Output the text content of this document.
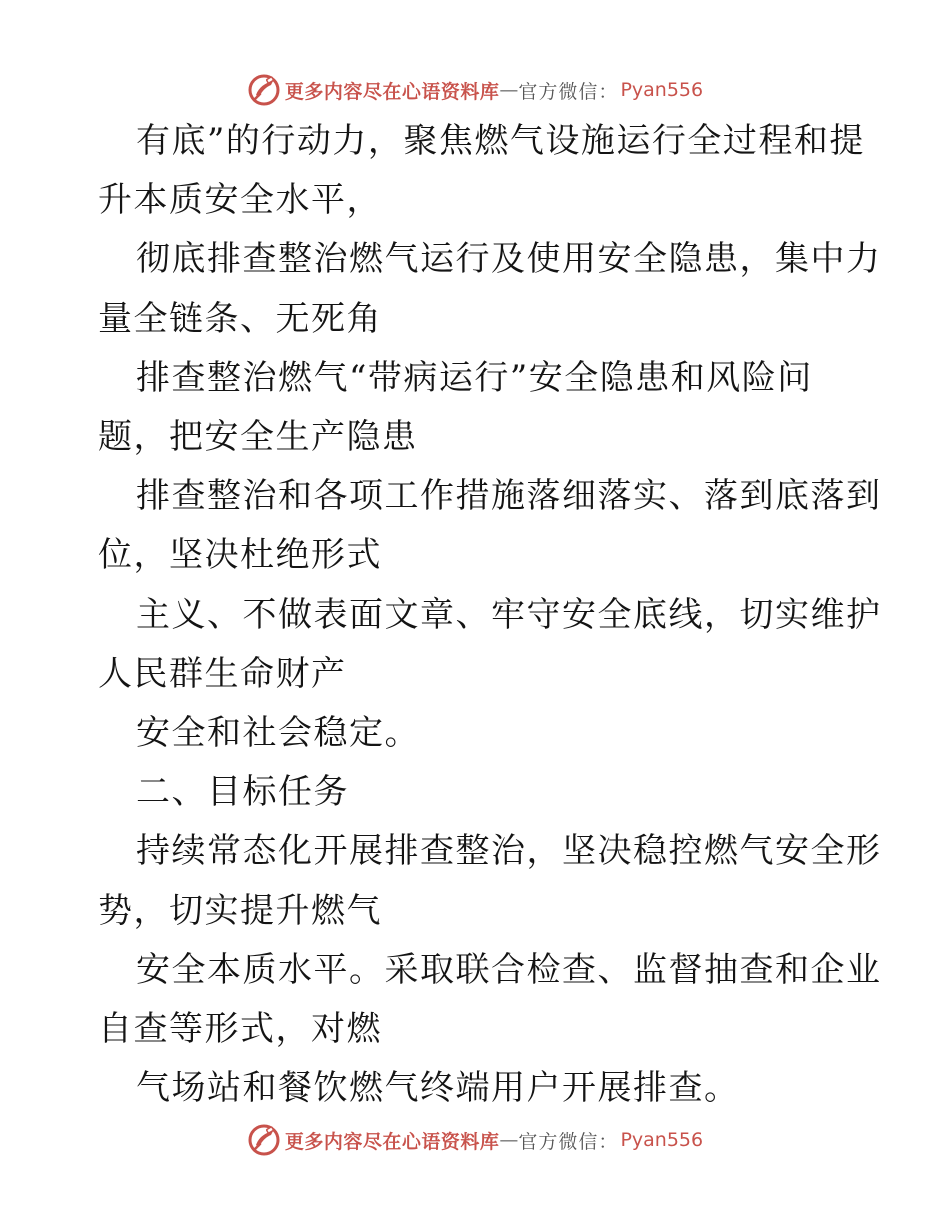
更多内容尽在心语资料库 — 官方微信： Pyan556

有底”的行动力，聚焦燃气设施运行全过程和提

升本质安全水平，

彻底排查整治燃气运行及使用安全隐患，集中力

量全链条、无死角

排查整治燃气“带病运行”安全隐患和风险问

题，把安全生产隐患

排查整治和各项工作措施落细落实、落到底落到

位，坚决杜绝形式

主义、不做表面文章、牢守安全底线，切实维护

人民群生命财产

安全和社会稳定。

二、目标任务

持续常态化开展排查整治，坚决稳控燃气安全形

势，切实提升燃气

安全本质水平。采取联合检查、监督抽查和企业

自查等形式，对燃

气场站和餐饮燃气终端用户开展排查。

更多内容尽在心语资料库 — 官方微信： Pyan556
